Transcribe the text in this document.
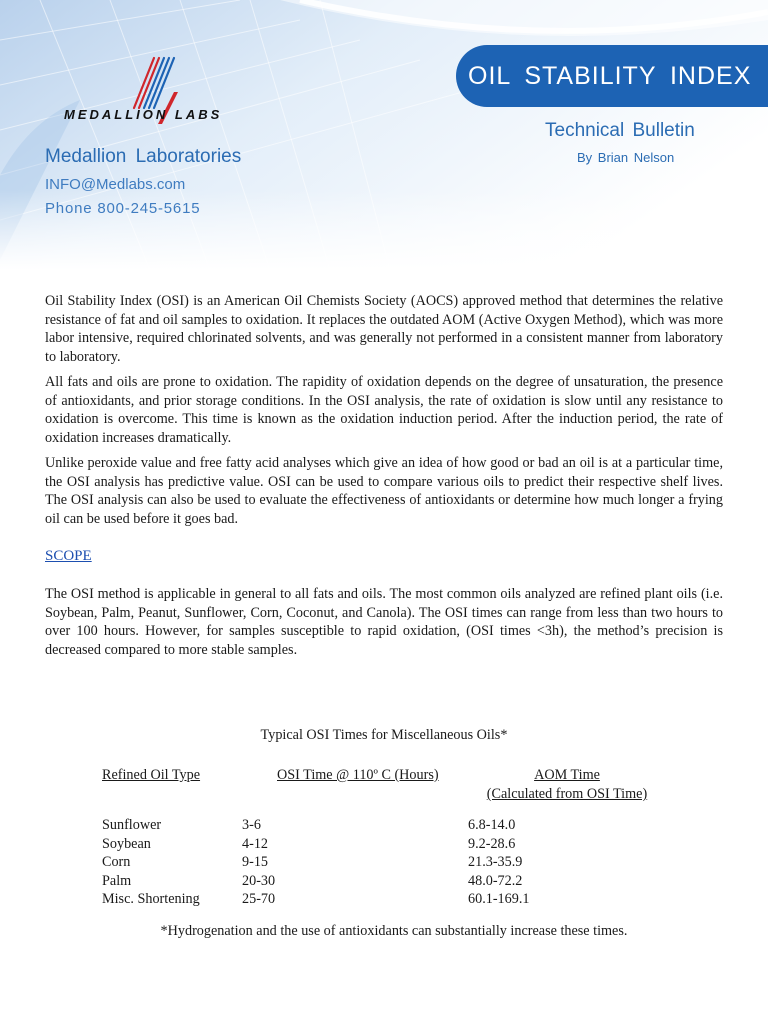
OIL STABILITY INDEX
MEDALLION LABS
Technical Bulletin
By Brian Nelson
Medallion Laboratories
INFO@Medlabs.com
Phone 800-245-5615

Oil Stability Index (OSI) is an American Oil Chemists Society (AOCS) approved method that determines the relative resistance of fat and oil samples to oxidation. It replaces the outdated AOM (Active Oxygen Method), which was more labor intensive, required chlorinated solvents, and was generally not performed in a consistent manner from laboratory to laboratory.

All fats and oils are prone to oxidation. The rapidity of oxidation depends on the degree of unsaturation, the presence of antioxidants, and prior storage conditions. In the OSI analysis, the rate of oxidation is slow until any resistance to oxidation is overcome. This time is known as the oxidation induction period. After the induction period, the rate of oxidation increases dramatically.

Unlike peroxide value and free fatty acid analyses which give an idea of how good or bad an oil is at a particular time, the OSI analysis has predictive value. OSI can be used to compare various oils to predict their respective shelf lives. The OSI analysis can also be used to evaluate the effectiveness of antioxidants or determine how much longer a frying oil can be used before it goes bad.

SCOPE

The OSI method is applicable in general to all fats and oils. The most common oils analyzed are refined plant oils (i.e. Soybean, Palm, Peanut, Sunflower, Corn, Coconut, and Canola). The OSI times can range from less than two hours to over 100 hours. However, for samples susceptible to rapid oxidation, (OSI times <3h), the method’s precision is decreased compared to more stable samples.

Typical OSI Times for Miscellaneous Oils*
Refined Oil Type	OSI Time @ 110º C (Hours)	AOM Time
(Calculated from OSI Time)
Sunflower	3-6	6.8-14.0
Soybean	4-12	9.2-28.6
Corn	9-15	21.3-35.9
Palm	20-30	48.0-72.2
Misc. Shortening	25-70	60.1-169.1
*Hydrogenation and the use of antioxidants can substantially increase these times.
